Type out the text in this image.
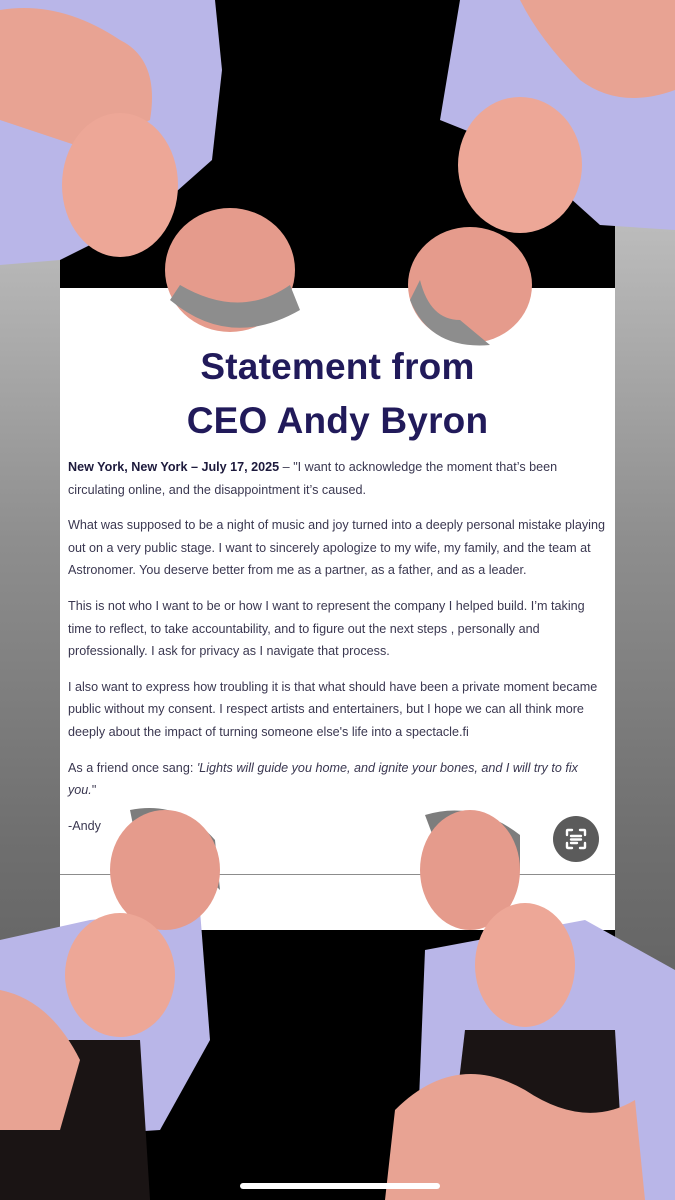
Statement from
CEO Andy Byron

New York, New York – July 17, 2025 – "I want to acknowledge the moment that’s been circulating online, and the disappointment it’s caused.

What was supposed to be a night of music and joy turned into a deeply personal mistake playing out on a very public stage. I want to sincerely apologize to my wife, my family, and the team at Astronomer. You deserve better from me as a partner, as a father, and as a leader.

This is not who I want to be or how I want to represent the company I helped build. I’m taking time to reflect, to take accountability, and to figure out the next steps , personally and professionally. I ask for privacy as I navigate that process.

I also want to express how troubling it is that what should have been a private moment became public without my consent. I respect artists and entertainers, but I hope we can all think more deeply about the impact of turning someone else's life into a spectacle.fi

As a friend once sang: 'Lights will guide you home, and ignite your bones, and I will try to fix you."

-Andy
